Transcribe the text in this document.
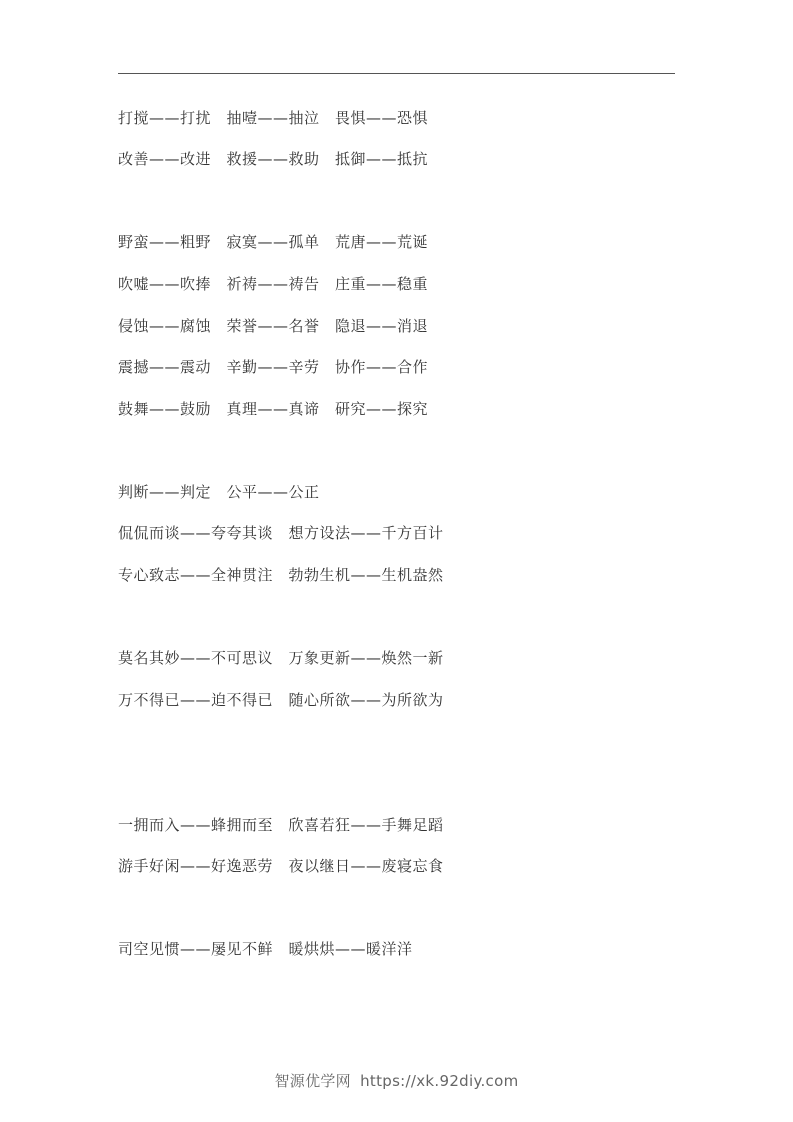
打搅——打扰　抽噎——抽泣　畏惧——恐惧
改善——改进　救援——救助　抵御——抵抗
野蛮——粗野　寂寞——孤单　荒唐——荒诞
吹嘘——吹捧　祈祷——祷告　庄重——稳重
侵蚀——腐蚀　荣誉——名誉　隐退——消退
震撼——震动　辛勤——辛劳　协作——合作
鼓舞——鼓励　真理——真谛　研究——探究
判断——判定　公平——公正
侃侃而谈——夸夸其谈　想方设法——千方百计
专心致志——全神贯注　勃勃生机——生机盎然
莫名其妙——不可思议　万象更新——焕然一新
万不得已——迫不得已　随心所欲——为所欲为
一拥而入——蜂拥而至　欣喜若狂——手舞足蹈
游手好闲——好逸恶劳　夜以继日——废寝忘食
司空见惯——屡见不鲜　暖烘烘——暖洋洋
智源优学网 https://xk.92diy.com
